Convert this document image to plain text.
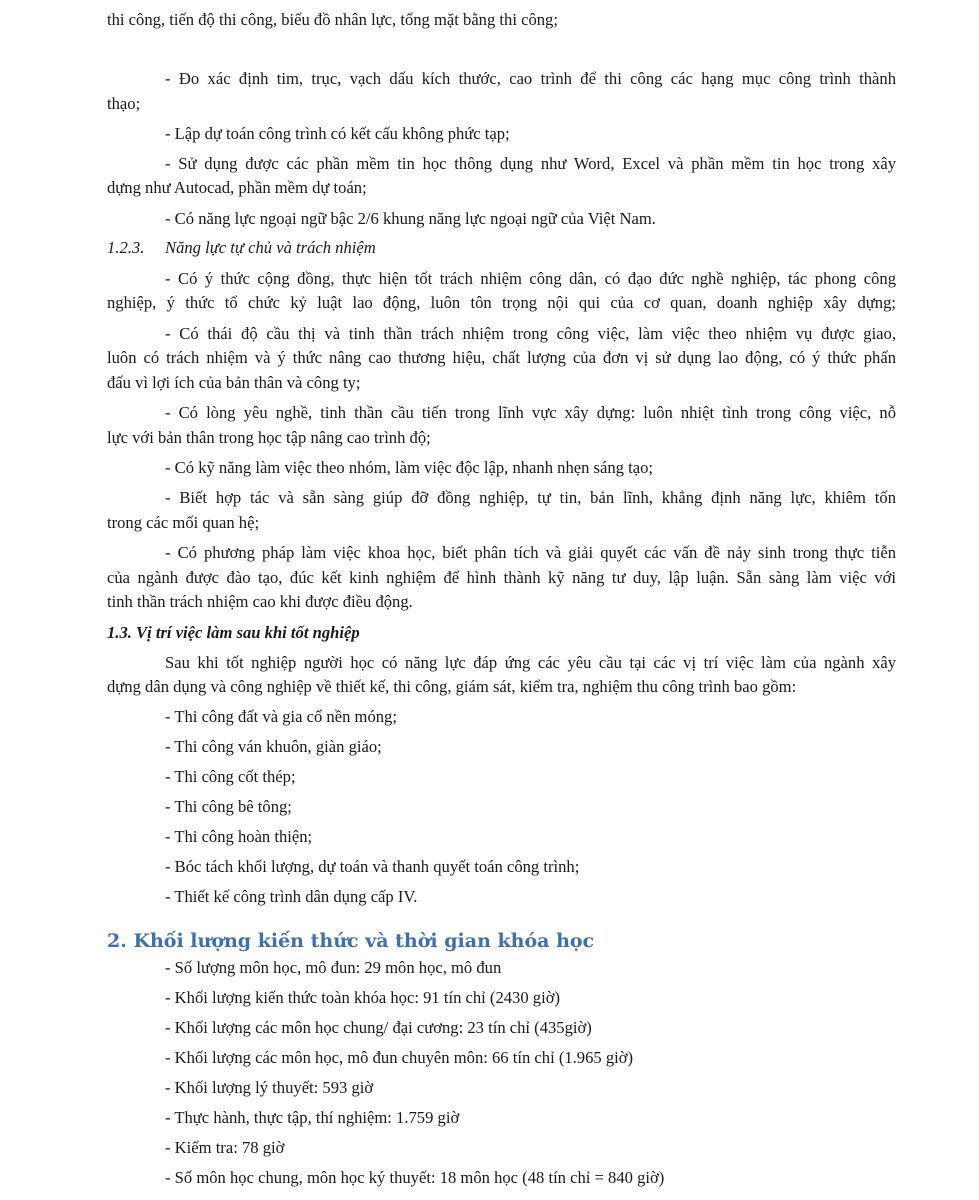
thi công, tiến độ thi công, biểu đồ nhân lực, tổng mặt bằng thi công;
- Đo xác định tim, trục, vạch dấu kích thước, cao trình để thi công các hạng mục công trình thành
thạo;
- Lập dự toán công trình có kết cấu không phức tạp;
- Sử dụng được các phần mềm tin học thông dụng như Word, Excel và phần mềm tin học trong xây
dựng như Autocad, phần mềm dự toán;
- Có năng lực ngoại ngữ bậc 2/6 khung năng lực ngoại ngữ của Việt Nam.
1.2.3. Năng lực tự chủ và trách nhiệm
- Có ý thức cộng đồng, thực hiện tốt trách nhiệm công dân, có đạo đức nghề nghiệp, tác phong công
nghiệp, ý thức tổ chức kỷ luật lao động, luôn tôn trọng nội qui của cơ quan, doanh nghiệp xây dựng;
- Có thái độ cầu thị và tinh thần trách nhiệm trong công việc, làm việc theo nhiệm vụ được giao,
luôn có trách nhiệm và ý thức nâng cao thương hiệu, chất lượng của đơn vị sử dụng lao động, có ý thức phấn
đấu vì lợi ích của bản thân và công ty;
- Có lòng yêu nghề, tinh thần cầu tiến trong lĩnh vực xây dựng: luôn nhiệt tình trong công việc, nỗ
lực với bản thân trong học tập nâng cao trình độ;
- Có kỹ năng làm việc theo nhóm, làm việc độc lập, nhanh nhẹn sáng tạo;
- Biết hợp tác và sẵn sàng giúp đỡ đồng nghiệp, tự tin, bản lĩnh, khẳng định năng lực, khiêm tốn
trong các mối quan hệ;
- Có phương pháp làm việc khoa học, biết phân tích và giải quyết các vấn đề nảy sinh trong thực tiễn
của ngành được đào tạo, đúc kết kinh nghiệm để hình thành kỹ năng tư duy, lập luận. Sẵn sàng làm việc với
tinh thần trách nhiệm cao khi được điều động.
1.3. Vị trí việc làm sau khi tốt nghiệp
Sau khi tốt nghiệp người học có năng lực đáp ứng các yêu cầu tại các vị trí việc làm của ngành xây
dựng dân dụng và công nghiệp về thiết kế, thi công, giám sát, kiểm tra, nghiệm thu công trình bao gồm:
- Thi công đất và gia cố nền móng;
- Thi công ván khuôn, giàn giáo;
- Thi công cốt thép;
- Thi công bê tông;
- Thi công hoàn thiện;
- Bóc tách khối lượng, dự toán và thanh quyết toán công trình;
- Thiết kế công trình dân dụng cấp IV.
2. Khối lượng kiến thức và thời gian khóa học
- Số lượng môn học, mô đun: 29 môn học, mô đun
- Khối lượng kiến thức toàn khóa học: 91 tín chỉ (2430 giờ)
- Khối lượng các môn học chung/ đại cương: 23 tín chỉ (435giờ)
- Khối lượng các môn học, mô đun chuyên môn: 66 tín chỉ (1.965 giờ)
- Khối lượng lý thuyết: 593 giờ
- Thực hành, thực tập, thí nghiệm: 1.759 giờ
- Kiểm tra: 78 giờ
- Số môn học chung, môn học ký thuyết: 18 môn học (48 tín chỉ = 840 giờ)
